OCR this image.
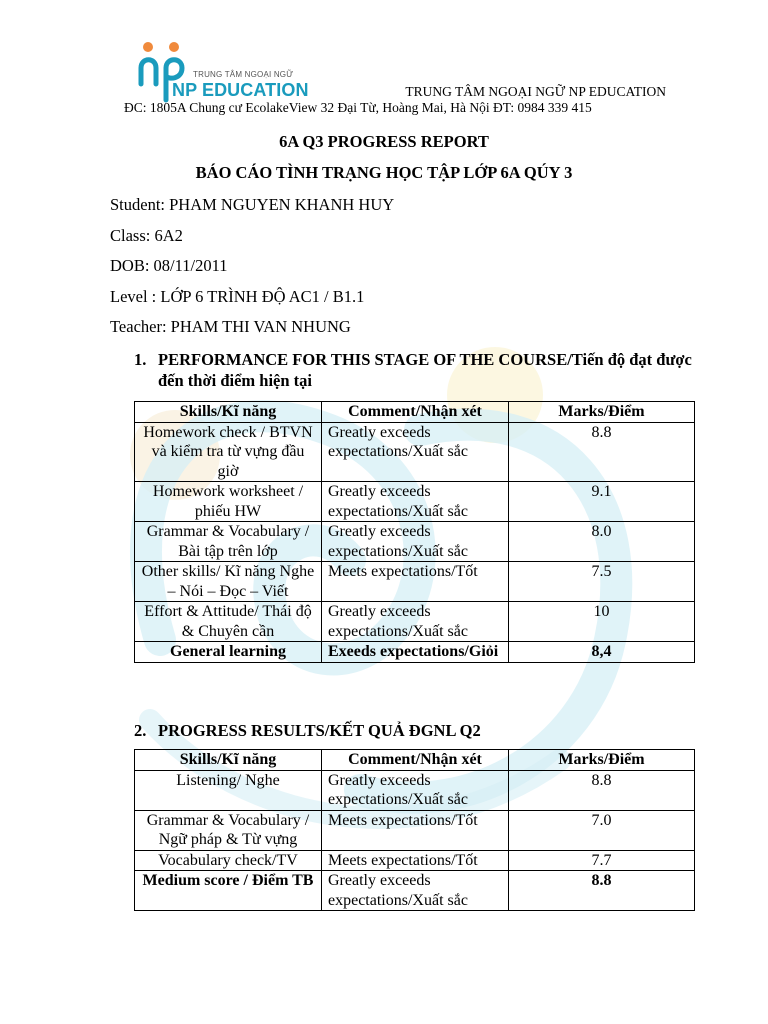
TRUNG TÂM NGOẠI NGỮ
NP EDUCATION	TRUNG TÂM NGOẠI NGỮ NP EDUCATION
ĐC: 1805A Chung cư EcolakeView 32 Đại Từ, Hoàng Mai, Hà Nội ĐT: 0984 339 415
6A Q3 PROGRESS REPORT
BÁO CÁO TÌNH TRẠNG HỌC TẬP LỚP 6A QÚY 3
Student: PHAM NGUYEN KHANH HUY
Class: 6A2
DOB: 08/11/2011
Level : LỚP 6 TRÌNH ĐỘ AC1 / B1.1
Teacher: PHAM THI VAN NHUNG
1. PERFORMANCE FOR THIS STAGE OF THE COURSE/Tiến độ đạt được đến thời điểm hiện tại
Skills/Kĩ năng	Comment/Nhận xét	Marks/Điểm
Homework check / BTVN và kiểm tra từ vựng đầu giờ	Greatly exceeds expectations/Xuất sắc	8.8
Homework worksheet / phiếu HW	Greatly exceeds expectations/Xuất sắc	9.1
Grammar & Vocabulary / Bài tập trên lớp	Greatly exceeds expectations/Xuất sắc	8.0
Other skills/ Kĩ năng Nghe – Nói – Đọc – Viết	Meets expectations/Tốt	7.5
Effort & Attitude/ Thái độ & Chuyên cần	Greatly exceeds expectations/Xuất sắc	10
General learning	Exeeds expectations/Giỏi	8,4
2. PROGRESS RESULTS/KẾT QUẢ ĐGNL Q2
Skills/Kĩ năng	Comment/Nhận xét	Marks/Điểm
Listening/ Nghe	Greatly exceeds expectations/Xuất sắc	8.8
Grammar & Vocabulary / Ngữ pháp & Từ vựng	Meets expectations/Tốt	7.0
Vocabulary check/TV	Meets expectations/Tốt	7.7
Medium score / Điểm TB	Greatly exceeds expectations/Xuất sắc	8.8
